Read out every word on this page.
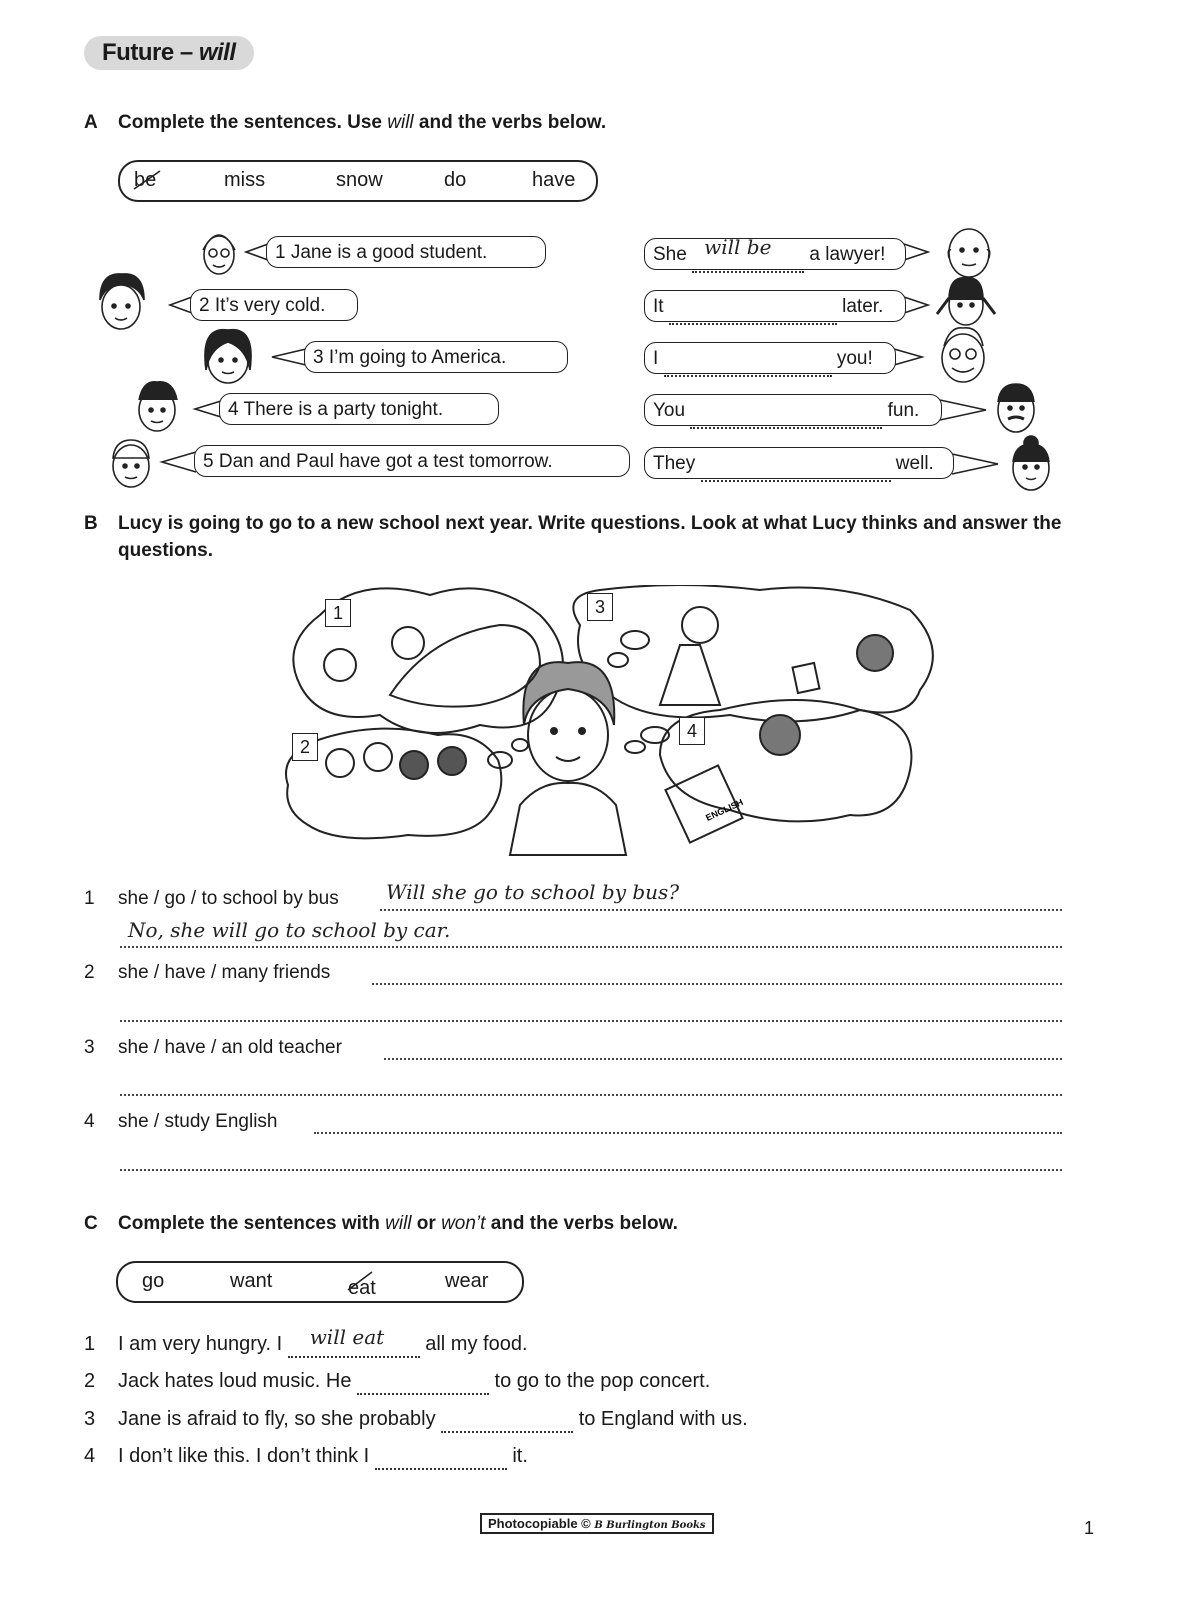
Future – will
A Complete the sentences. Use will and the verbs below.
be	miss	snow	do	have
1 Jane is a good student.
2 It’s very cold.
3 I’m going to America.
4 There is a party tonight.
5 Dan and Paul have got a test tomorrow.
She will be a lawyer!
It	later.
I	you!
You	fun.
They	well.
B Lucy is going to go to a new school next year. Write questions. Look at what Lucy thinks and answer the questions.
ENGLISH
1
2
3
4
1 she / go / to school by bus Will she go to school by bus?
No, she will go to school by car.
2 she / have / many friends
3 she / have / an old teacher
4 she / study English
C Complete the sentences with will or won’t and the verbs below.
go	want	eat	wear
1 I am very hungry. I will eat all my food.
2 Jack hates loud music. He	to go to the pop concert.
3 Jane is afraid to fly, so she probably	to England with us.
4 I don’t like this. I don’t think I	it.
Photocopiable © B Burlington Books	1
